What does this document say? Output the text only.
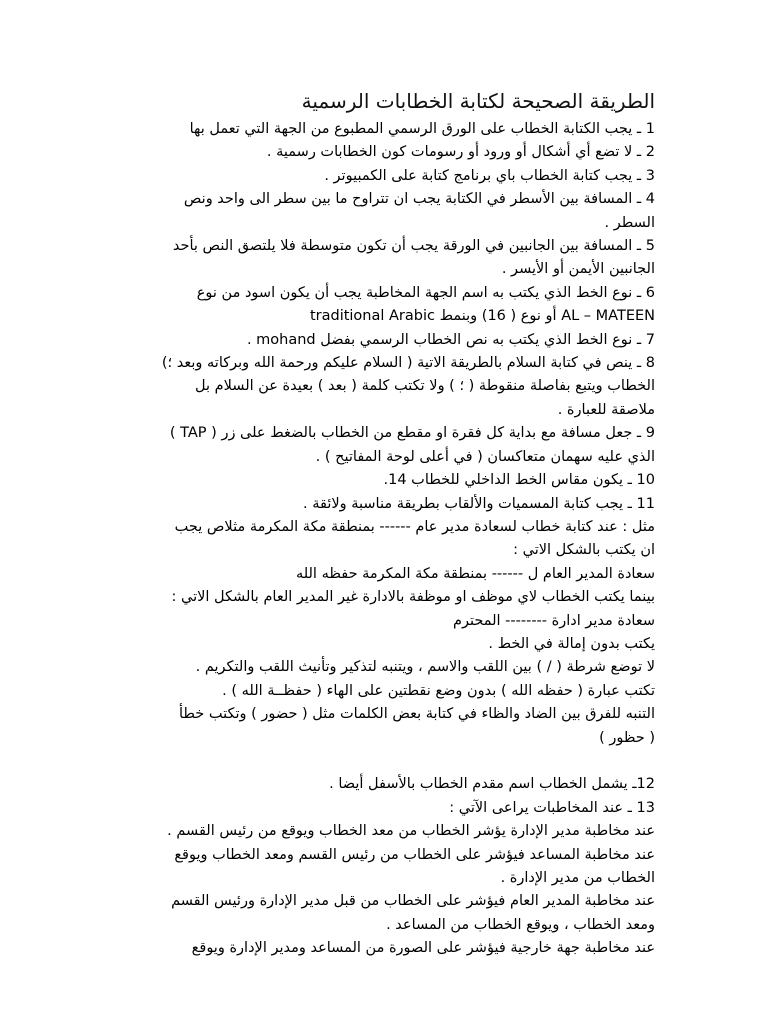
الطريقة الصحيحة لكتابة الخطابات الرسمية
1 ـ يجب الكتابة الخطاب على الورق الرسمي المطبوع من الجهة التي تعمل بها
2 ـ لا تضع أي أشكال أو ورود أو رسومات كون الخطابات رسمية .
3 ـ يجب كتابة الخطاب باي برنامج كتابة على الكمبيوتر .
4 ـ المسافة بين الأسطر في الكتابة يجب ان تتراوح ما بين سطر الى واحد ونص
السطر .
5 ـ المسافة بين الجانبين في الورقة يجب أن تكون متوسطة فلا يلتصق النص بأحد
الجانبين الأيمن أو الأيسر .
6 ـ نوع الخط الذي يكتب به اسم الجهة المخاطبة يجب أن يكون اسود من نوع
AL – MATEEN أو نوع ( 16) وبنمط traditional Arabic
7 ـ نوع الخط الذي يكتب به نص الخطاب الرسمي بفضل mohand .
8 ـ ينص في كتابة السلام بالطريقة الاتية ( السلام عليكم ورحمة الله وبركاته وبعد ؛)
الخطاب ويتبع بفاصلة منقوطة ( ؛ ) ولا تكتب كلمة ( بعد ) بعيدة عن السلام بل
ملاصقة للعبارة .
9 ـ جعل مسافة مع بداية كل فقرة او مقطع من الخطاب بالضغط على زر ( TAP )
الذي عليه سهمان متعاكسان ( في أعلى لوحة المفاتيح ) .
10 ـ يكون مقاس الخط الداخلي للخطاب 14.
11 ـ يجب كتابة المسميات والألقاب بطريقة مناسبة ولائقة .
مثل : عند كتابة خطاب لسعادة مدير عام ------ بمنطقة مكة المكرمة مثلاص يجب
ان يكتب بالشكل الاتي :
سعادة المدير العام ل ------ بمنطقة مكة المكرمة حفظه الله
بينما يكتب الخطاب لاي موظف او موظفة بالادارة غير المدير العام بالشكل الاتي :
سعادة مدير ادارة -------- المحترم
يكتب بدون إمالة في الخط .
لا توضع شرطة ( / ) بين اللقب والاسم ، ويتنبه لتذكير وتأنيث اللقب والتكريم .
تكتب عبارة ( حفظه الله ) بدون وضع نقطتين على الهاء ( حفظــة الله ) .
التنبه للفرق بين الضاد والظاء في كتابة بعض الكلمات مثل ( حضور ) وتكتب خطأ
( حظور )
12ـ يشمل الخطاب اسم مقدم الخطاب بالأسفل أيضا .
13 ـ عند المخاطبات يراعى الآتي :
عند مخاطبة مدير الإدارة يؤشر الخطاب من معد الخطاب ويوقع من رئيس القسم .
عند مخاطبة المساعد فيؤشر على الخطاب من رئيس القسم ومعد الخطاب ويوقع
الخطاب من مدير الإدارة .
عند مخاطبة المدير العام فيؤشر على الخطاب من قبل مدير الإدارة ورئيس القسم
ومعد الخطاب ، ويوقع الخطاب من المساعد .
عند مخاطبة جهة خارجية فيؤشر على الصورة من المساعد ومدير الإدارة ويوقع
